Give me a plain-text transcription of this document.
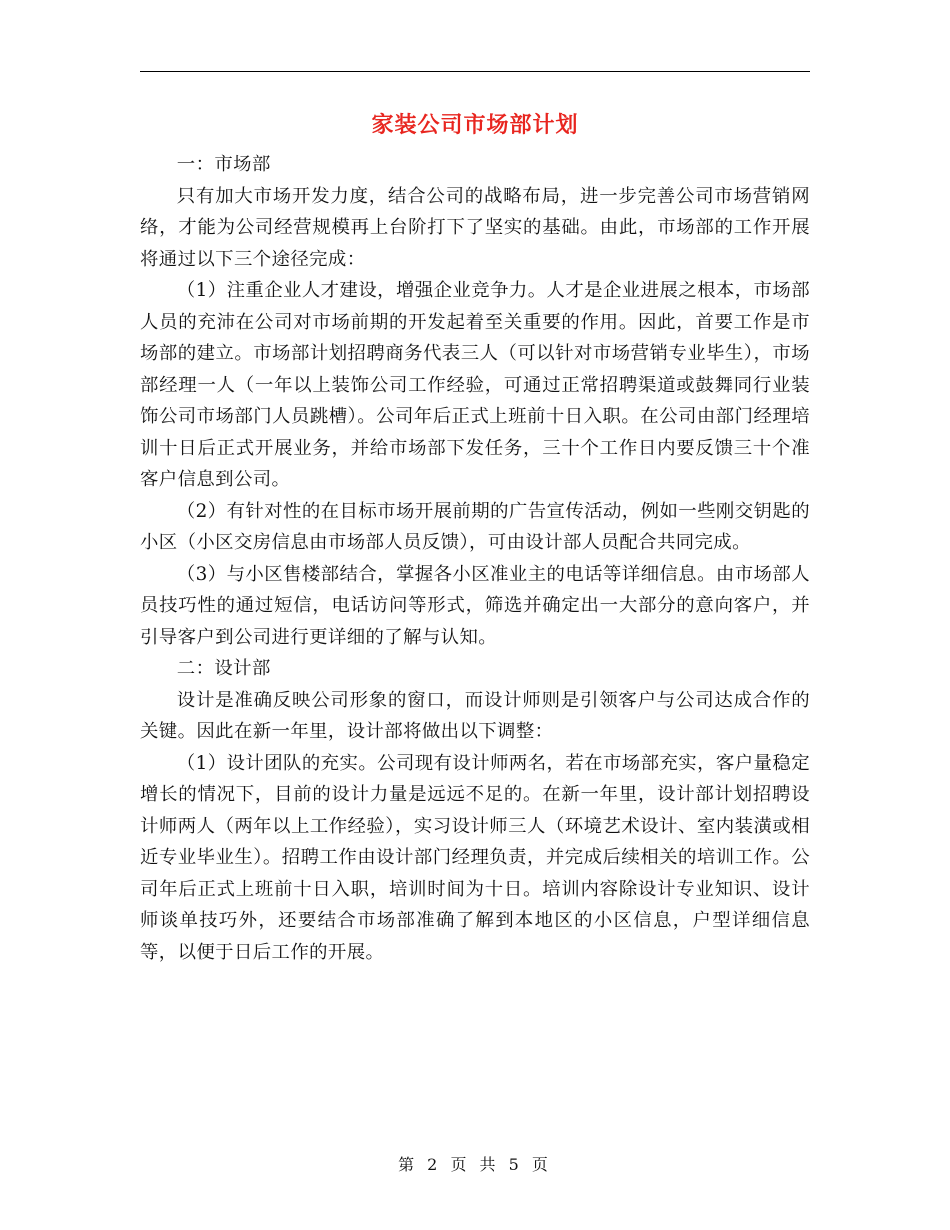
家装公司市场部计划

一：市场部

只有加大市场开发力度，结合公司的战略布局，进一步完善公司市场营销网络，才能为公司经营规模再上台阶打下了坚实的基础。由此，市场部的工作开展将通过以下三个途径完成：

（1）注重企业人才建设，增强企业竞争力。人才是企业进展之根本，市场部人员的充沛在公司对市场前期的开发起着至关重要的作用。因此，首要工作是市场部的建立。市场部计划招聘商务代表三人（可以针对市场营销专业毕生），市场部经理一人（一年以上装饰公司工作经验，可通过正常招聘渠道或鼓舞同行业装饰公司市场部门人员跳槽）。公司年后正式上班前十日入职。在公司由部门经理培训十日后正式开展业务，并给市场部下发任务，三十个工作日内要反馈三十个准客户信息到公司。

（2）有针对性的在目标市场开展前期的广告宣传活动，例如一些刚交钥匙的小区（小区交房信息由市场部人员反馈），可由设计部人员配合共同完成。

（3）与小区售楼部结合，掌握各小区准业主的电话等详细信息。由市场部人员技巧性的通过短信，电话访问等形式，筛选并确定出一大部分的意向客户，并引导客户到公司进行更详细的了解与认知。

二：设计部

设计是准确反映公司形象的窗口，而设计师则是引领客户与公司达成合作的关键。因此在新一年里，设计部将做出以下调整：

（1）设计团队的充实。公司现有设计师两名，若在市场部充实，客户量稳定增长的情况下，目前的设计力量是远远不足的。在新一年里，设计部计划招聘设计师两人（两年以上工作经验），实习设计师三人（环境艺术设计、室内装潢或相近专业毕业生）。招聘工作由设计部门经理负责，并完成后续相关的培训工作。公司年后正式上班前十日入职，培训时间为十日。培训内容除设计专业知识、设计师谈单技巧外，还要结合市场部准确了解到本地区的小区信息，户型详细信息等，以便于日后工作的开展。

第 2 页 共 5 页
